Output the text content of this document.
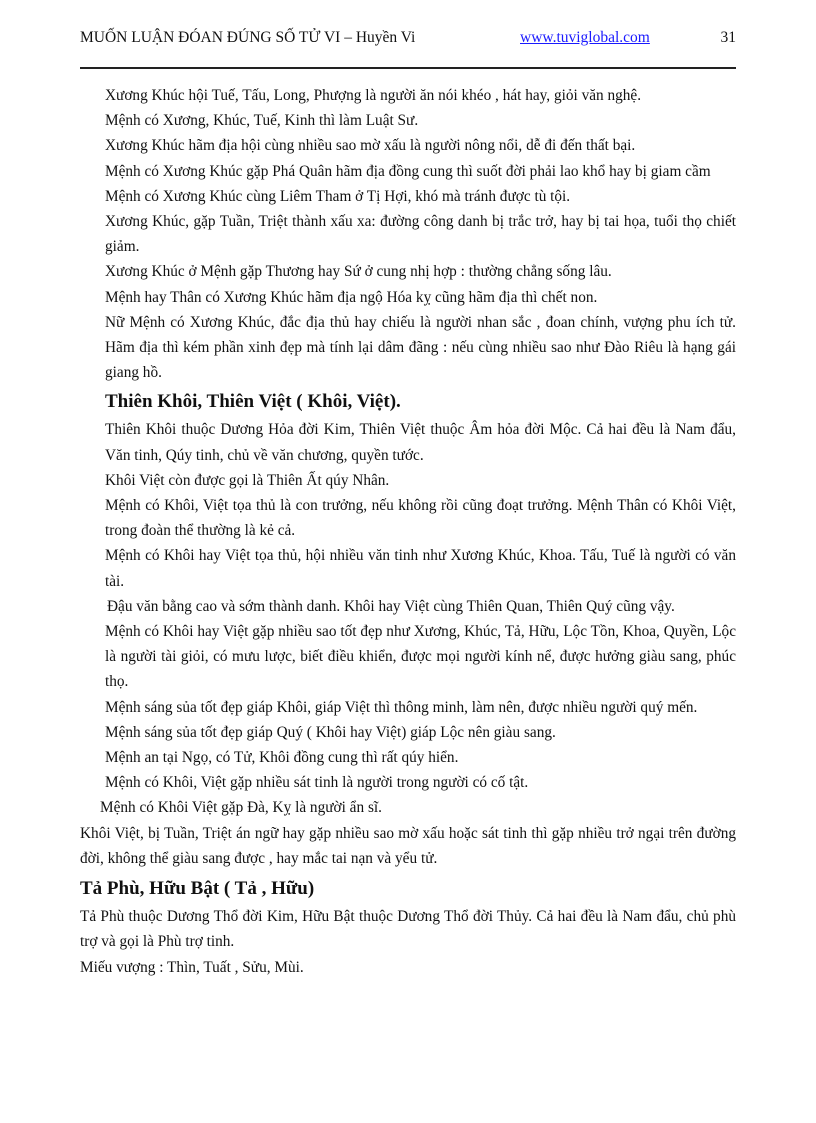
MUỐN LUẬN ĐÓAN ĐÚNG SỐ TỬ VI – Huyền Vi	www.tuviglobal.com	31

Xương Khúc hội Tuế, Tấu, Long, Phượng là người ăn nói khéo , hát hay, giỏi văn nghệ.

Mệnh có Xương, Khúc, Tuế, Kinh thì làm Luật Sư.

Xương Khúc hãm địa hội cùng nhiều sao mờ xấu là người nông nổi, dễ đi đến thất bại.

Mệnh có Xương Khúc gặp Phá Quân hãm địa đồng cung thì suốt đời phải lao khổ hay bị giam cầm

Mệnh có Xương Khúc cùng Liêm Tham ở Tị Hợi, khó mà tránh được tù tội.

Xương Khúc, gặp Tuần, Triệt thành xấu xa: đường công danh bị trắc trở, hay bị tai họa, tuổi thọ chiết giảm.

Xương Khúc ở Mệnh gặp Thương hay Sứ ở cung nhị hợp : thường chẳng sống lâu.

Mệnh hay Thân có Xương Khúc hãm địa ngộ Hóa kỵ cũng hãm địa thì chết non.

Nữ Mệnh có Xương Khúc, đắc địa thủ hay chiếu là người nhan sắc , đoan chính, vượng phu ích tử. Hãm địa thì kém phần xinh đẹp mà tính lại dâm đãng : nếu cùng nhiều sao như Đào Riêu là hạng gái giang hồ.

Thiên Khôi, Thiên Việt ( Khôi, Việt).

Thiên Khôi thuộc Dương Hỏa đời Kim, Thiên Việt thuộc Âm hỏa đời Mộc. Cả hai đều là Nam đẩu, Văn tinh, Qúy tinh, chủ về văn chương, quyền tước.

Khôi Việt còn được gọi là Thiên Ất qúy Nhân.

Mệnh có Khôi, Việt tọa thủ là con trưởng, nếu không rồi cũng đoạt trưởng. Mệnh Thân có Khôi Việt, trong đoàn thể thường là kẻ cả.

Mệnh có Khôi hay Việt tọa thủ, hội nhiều văn tinh như Xương Khúc, Khoa. Tấu, Tuế là người có văn tài.

Đậu văn bằng cao và sớm thành danh. Khôi hay Việt cùng Thiên Quan, Thiên Quý cũng vậy.

Mệnh có Khôi hay Việt gặp nhiều sao tốt đẹp như Xương, Khúc, Tả, Hữu, Lộc Tồn, Khoa, Quyền, Lộc là người tài giỏi, có mưu lược, biết điều khiển, được mọi người kính nể, được hưởng giàu sang, phúc thọ.

Mệnh sáng sủa tốt đẹp giáp Khôi, giáp Việt thì thông minh, làm nên, được nhiều người quý mến.

Mệnh sáng sủa tốt đẹp giáp Quý ( Khôi hay Việt) giáp Lộc nên giàu sang.

Mệnh an tại Ngọ, có Tử, Khôi đồng cung thì rất qúy hiển.

Mệnh có Khôi, Việt gặp nhiều sát tinh là người trong người có cố tật.

Mệnh có Khôi Việt gặp Đà, Kỵ là người ẩn sĩ.

Khôi Việt, bị Tuần, Triệt án ngữ hay gặp nhiều sao mờ xấu hoặc sát tinh thì gặp nhiều trở ngại trên đường đời, không thể giàu sang được , hay mắc tai nạn và yểu tử.

Tả Phù, Hữu Bật ( Tả , Hữu)

Tả Phù thuộc Dương Thổ đời Kim, Hữu Bật thuộc Dương Thổ đời Thủy. Cả hai đều là Nam đẩu, chủ phù trợ và gọi là Phù trợ tinh.

Miếu vượng : Thìn, Tuất , Sửu, Mùi.
